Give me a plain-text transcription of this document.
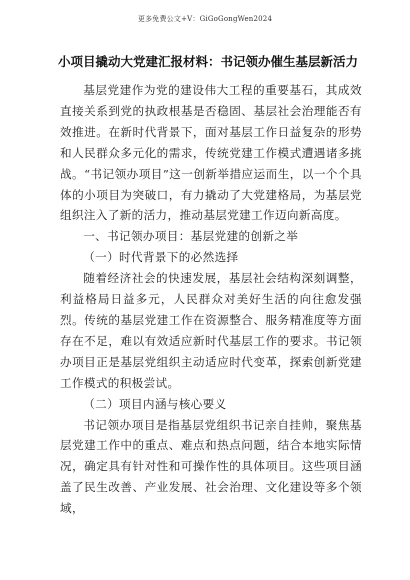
更多免费公文+V：GiGoGongWen2024
小项目撬动大党建汇报材料：书记领办催生基层新活力

基层党建作为党的建设伟大工程的重要基石，其成效直接关系到党的执政根基是否稳固、基层社会治理能否有效推进。在新时代背景下，面对基层工作日益复杂的形势和人民群众多元化的需求，传统党建工作模式遭遇诸多挑战。“书记领办项目”这一创新举措应运而生，以一个个具体的小项目为突破口，有力撬动了大党建格局，为基层党组织注入了新的活力，推动基层党建工作迈向新高度。

一、书记领办项目：基层党建的创新之举

（一）时代背景下的必然选择

随着经济社会的快速发展，基层社会结构深刻调整，利益格局日益多元，人民群众对美好生活的向往愈发强烈。传统的基层党建工作在资源整合、服务精准度等方面存在不足，难以有效适应新时代基层工作的要求。书记领办项目正是基层党组织主动适应时代变革，探索创新党建工作模式的积极尝试。

（二）项目内涵与核心要义

书记领办项目是指基层党组织书记亲自挂帅，聚焦基层党建工作中的重点、难点和热点问题，结合本地实际情况，确定具有针对性和可操作性的具体项目。这些项目涵盖了民生改善、产业发展、社会治理、文化建设等多个领域，
